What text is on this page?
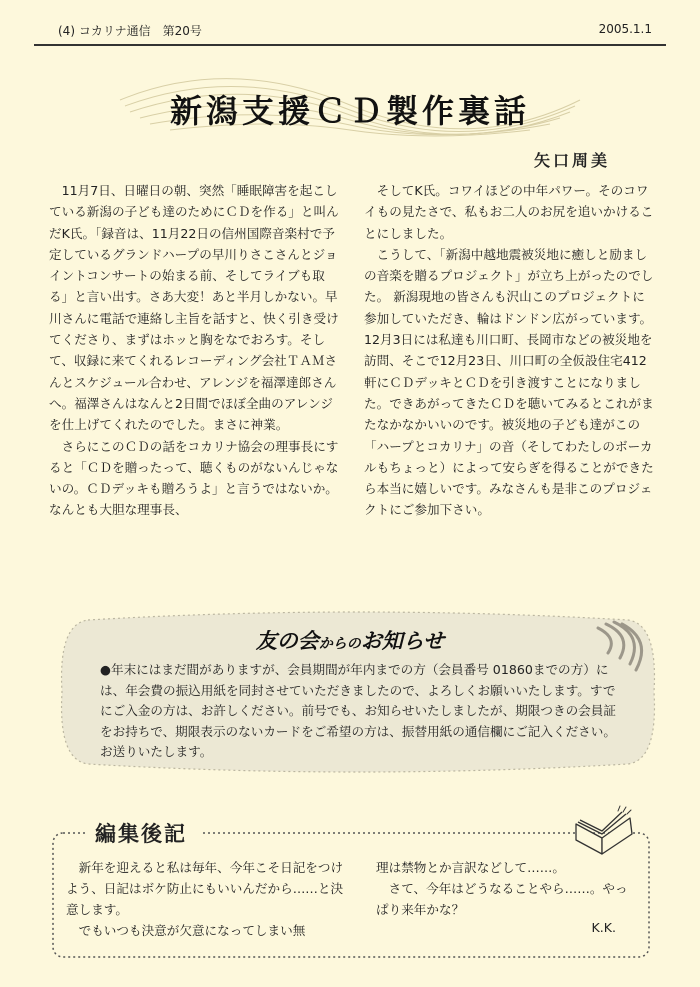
(4) コカリナ通信　第20号	2005.1.1
新潟支援ＣＤ製作裏話
矢口周美

11月7日、日曜日の朝、突然「睡眠障害を起こしている新潟の子ども達のためにＣＤを作る」と叫んだK氏。「録音は、11月22日の信州国際音楽村で予定しているグランドハープの早川りさこさんとジョイントコンサートの始まる前、そしてライブも取る」と言い出す。さあ大変！あと半月しかない。早川さんに電話で連絡し主旨を話すと、快く引き受けてくださり、まずはホッと胸をなでおろす。そして、収録に来てくれるレコーディング会社ＴＡＭさんとスケジュール合わせ、アレンジを福澤達郎さんへ。福澤さんはなんと2日間でほぼ全曲のアレンジを仕上げてくれたのでした。まさに神業。

さらにこのＣＤの話をコカリナ協会の理事長にすると「ＣＤを贈ったって、聴くものがないんじゃないの。ＣＤデッキも贈ろうよ」と言うではないか。なんとも大胆な理事長、

そしてK氏。コワイほどの中年パワー。そのコワイもの見たさで、私もお二人のお尻を追いかけることにしました。

こうして、「新潟中越地震被災地に癒しと励ましの音楽を贈るプロジェクト」が立ち上がったのでした。 新潟現地の皆さんも沢山このプロジェクトに参加していただき、輪はドンドン広がっています。12月3日には私達も川口町、長岡市などの被災地を訪問、そこで12月23日、川口町の全仮設住宅412軒にＣＤデッキとＣＤを引き渡すことになりました。できあがってきたＣＤを聴いてみるとこれがまたなかなかいいのです。被災地の子ども達がこの「ハープとコカリナ」の音（そしてわたしのボーカルもちょっと）によって安らぎを得ることができたら本当に嬉しいです。みなさんも是非このプロジェクトにご参加下さい。

友の会からのお知らせ
●年末にはまだ間がありますが、会員期間が年内までの方（会員番号 01860までの方）には、年会費の振込用紙を同封させていただきましたので、よろしくお願いいたします。すでにご入金の方は、お許しください。前号でも、お知らせいたしましたが、期限つきの会員証をお持ちで、期限表示のないカードをご希望の方は、振替用紙の通信欄にご記入ください。お送りいたします。
編集後記

新年を迎えると私は毎年、今年こそ日記をつけよう、日記はボケ防止にもいいんだから……と決意します。

でもいつも決意が欠意になってしまい無

理は禁物とか言訳などして……。

さて、今年はどうなることやら……。やっぱり来年かな？

K.K.
